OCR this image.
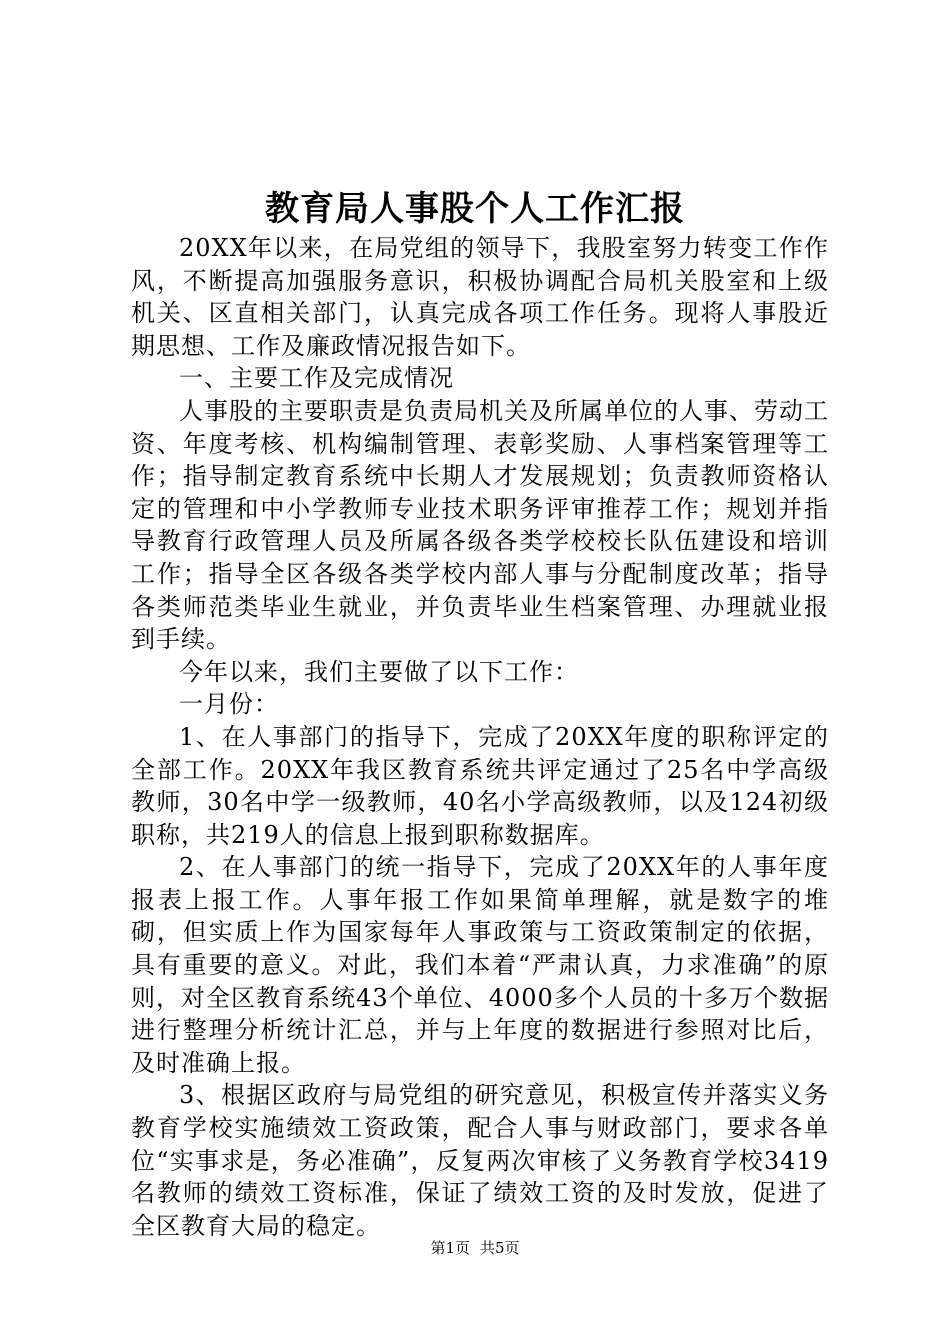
教育局人事股个人工作汇报

20XX年以来，在局党组的领导下，我股室努力转变工作作风，不断提高加强服务意识，积极协调配合局机关股室和上级机关、区直相关部门，认真完成各项工作任务。现将人事股近期思想、工作及廉政情况报告如下。

一、主要工作及完成情况

人事股的主要职责是负责局机关及所属单位的人事、劳动工资、年度考核、机构编制管理、表彰奖励、人事档案管理等工作；指导制定教育系统中长期人才发展规划；负责教师资格认定的管理和中小学教师专业技术职务评审推荐工作；规划并指导教育行政管理人员及所属各级各类学校校长队伍建设和培训工作；指导全区各级各类学校内部人事与分配制度改革；指导各类师范类毕业生就业，并负责毕业生档案管理、办理就业报到手续。

今年以来，我们主要做了以下工作：

一月份：

1、在人事部门的指导下，完成了20XX年度的职称评定的全部工作。20XX年我区教育系统共评定通过了25名中学高级教师，30名中学一级教师，40名小学高级教师，以及124初级职称，共219人的信息上报到职称数据库。

2、在人事部门的统一指导下，完成了20XX年的人事年度报表上报工作。人事年报工作如果简单理解，就是数字的堆砌，但实质上作为国家每年人事政策与工资政策制定的依据，具有重要的意义。对此，我们本着“严肃认真，力求准确”的原则，对全区教育系统43个单位、4000多个人员的十多万个数据进行整理分析统计汇总，并与上年度的数据进行参照对比后，及时准确上报。

3、根据区政府与局党组的研究意见，积极宣传并落实义务教育学校实施绩效工资政策，配合人事与财政部门，要求各单位“实事求是，务必准确”，反复两次审核了义务教育学校3419名教师的绩效工资标准，保证了绩效工资的及时发放，促进了全区教育大局的稳定。

第1页 共5页
